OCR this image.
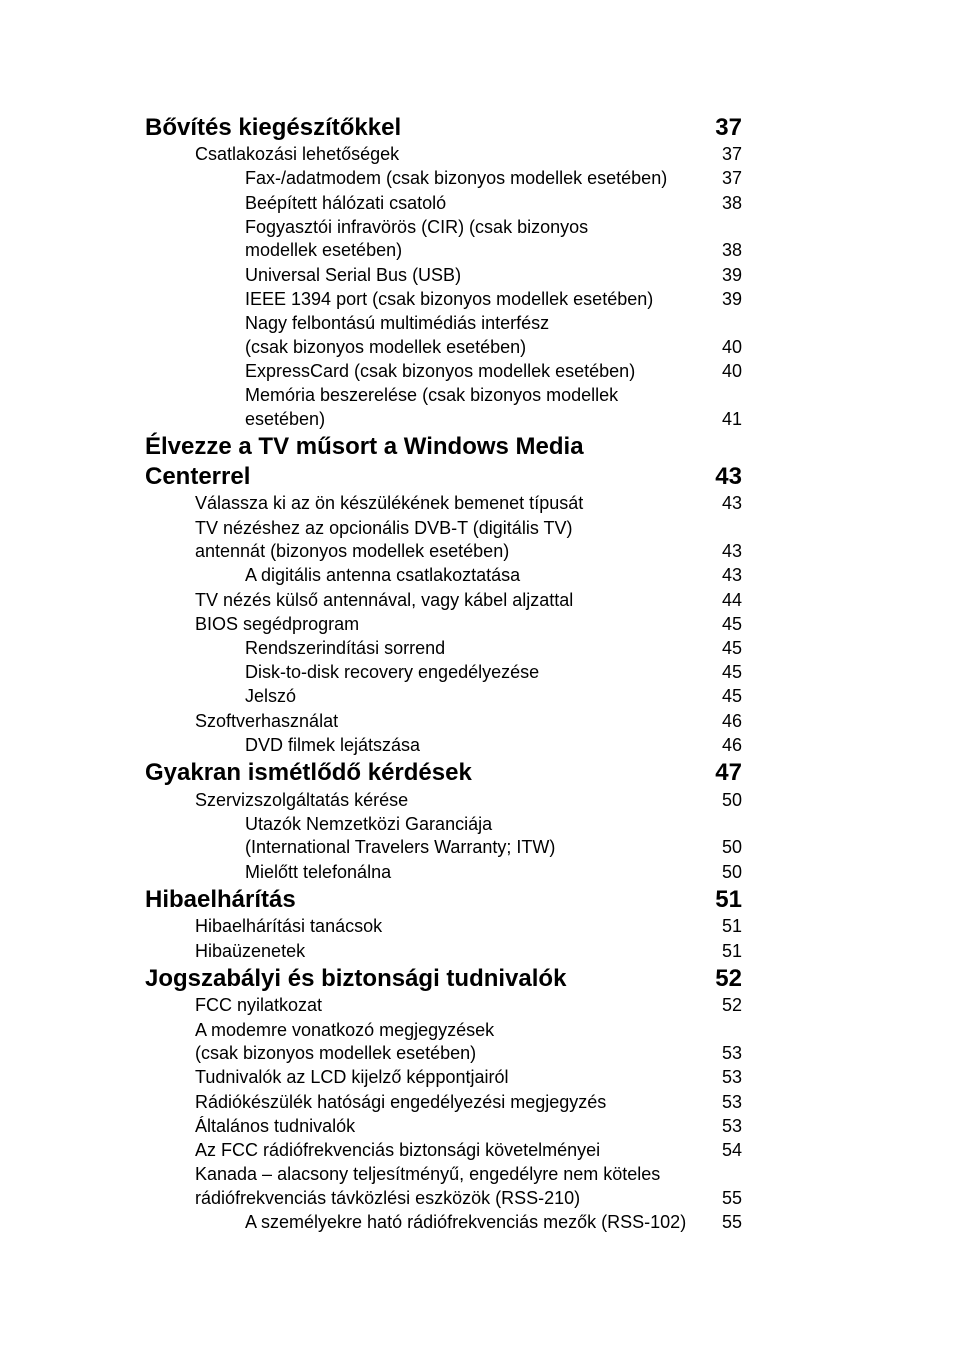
Bővítés kiegészítőkkel	37
Csatlakozási lehetőségek	37
Fax-/adatmodem (csak bizonyos modellek esetében)	37
Beépített hálózati csatoló	38
Fogyasztói infravörös (CIR) (csak bizonyos
modellek esetében)	38
Universal Serial Bus (USB)	39
IEEE 1394 port (csak bizonyos modellek esetében)	39
Nagy felbontású multimédiás interfész
(csak bizonyos modellek esetében)	40
ExpressCard (csak bizonyos modellek esetében)	40
Memória beszerelése (csak bizonyos modellek
esetében)	41
Élvezze a TV műsort a Windows Media
Centerrel	43
Válassza ki az ön készülékének bemenet típusát	43
TV nézéshez az opcionális DVB-T (digitális TV)
antennát (bizonyos modellek esetében)	43
A digitális antenna csatlakoztatása	43
TV nézés külső antennával, vagy kábel aljzattal	44
BIOS segédprogram	45
Rendszerindítási sorrend	45
Disk-to-disk recovery engedélyezése	45
Jelszó	45
Szoftverhasználat	46
DVD filmek lejátszása	46
Gyakran ismétlődő kérdések	47
Szervizszolgáltatás kérése	50
Utazók Nemzetközi Garanciája
(International Travelers Warranty; ITW)	50
Mielőtt telefonálna	50
Hibaelhárítás	51
Hibaelhárítási tanácsok	51
Hibaüzenetek	51
Jogszabályi és biztonsági tudnivalók	52
FCC nyilatkozat	52
A modemre vonatkozó megjegyzések
(csak bizonyos modellek esetében)	53
Tudnivalók az LCD kijelző képpontjairól	53
Rádiókészülék hatósági engedélyezési megjegyzés	53
Általános tudnivalók	53
Az FCC rádiófrekvenciás biztonsági követelményei	54
Kanada – alacsony teljesítményű, engedélyre nem köteles
rádiófrekvenciás távközlési eszközök (RSS-210)	55
A személyekre ható rádiófrekvenciás mezők (RSS-102) 55
